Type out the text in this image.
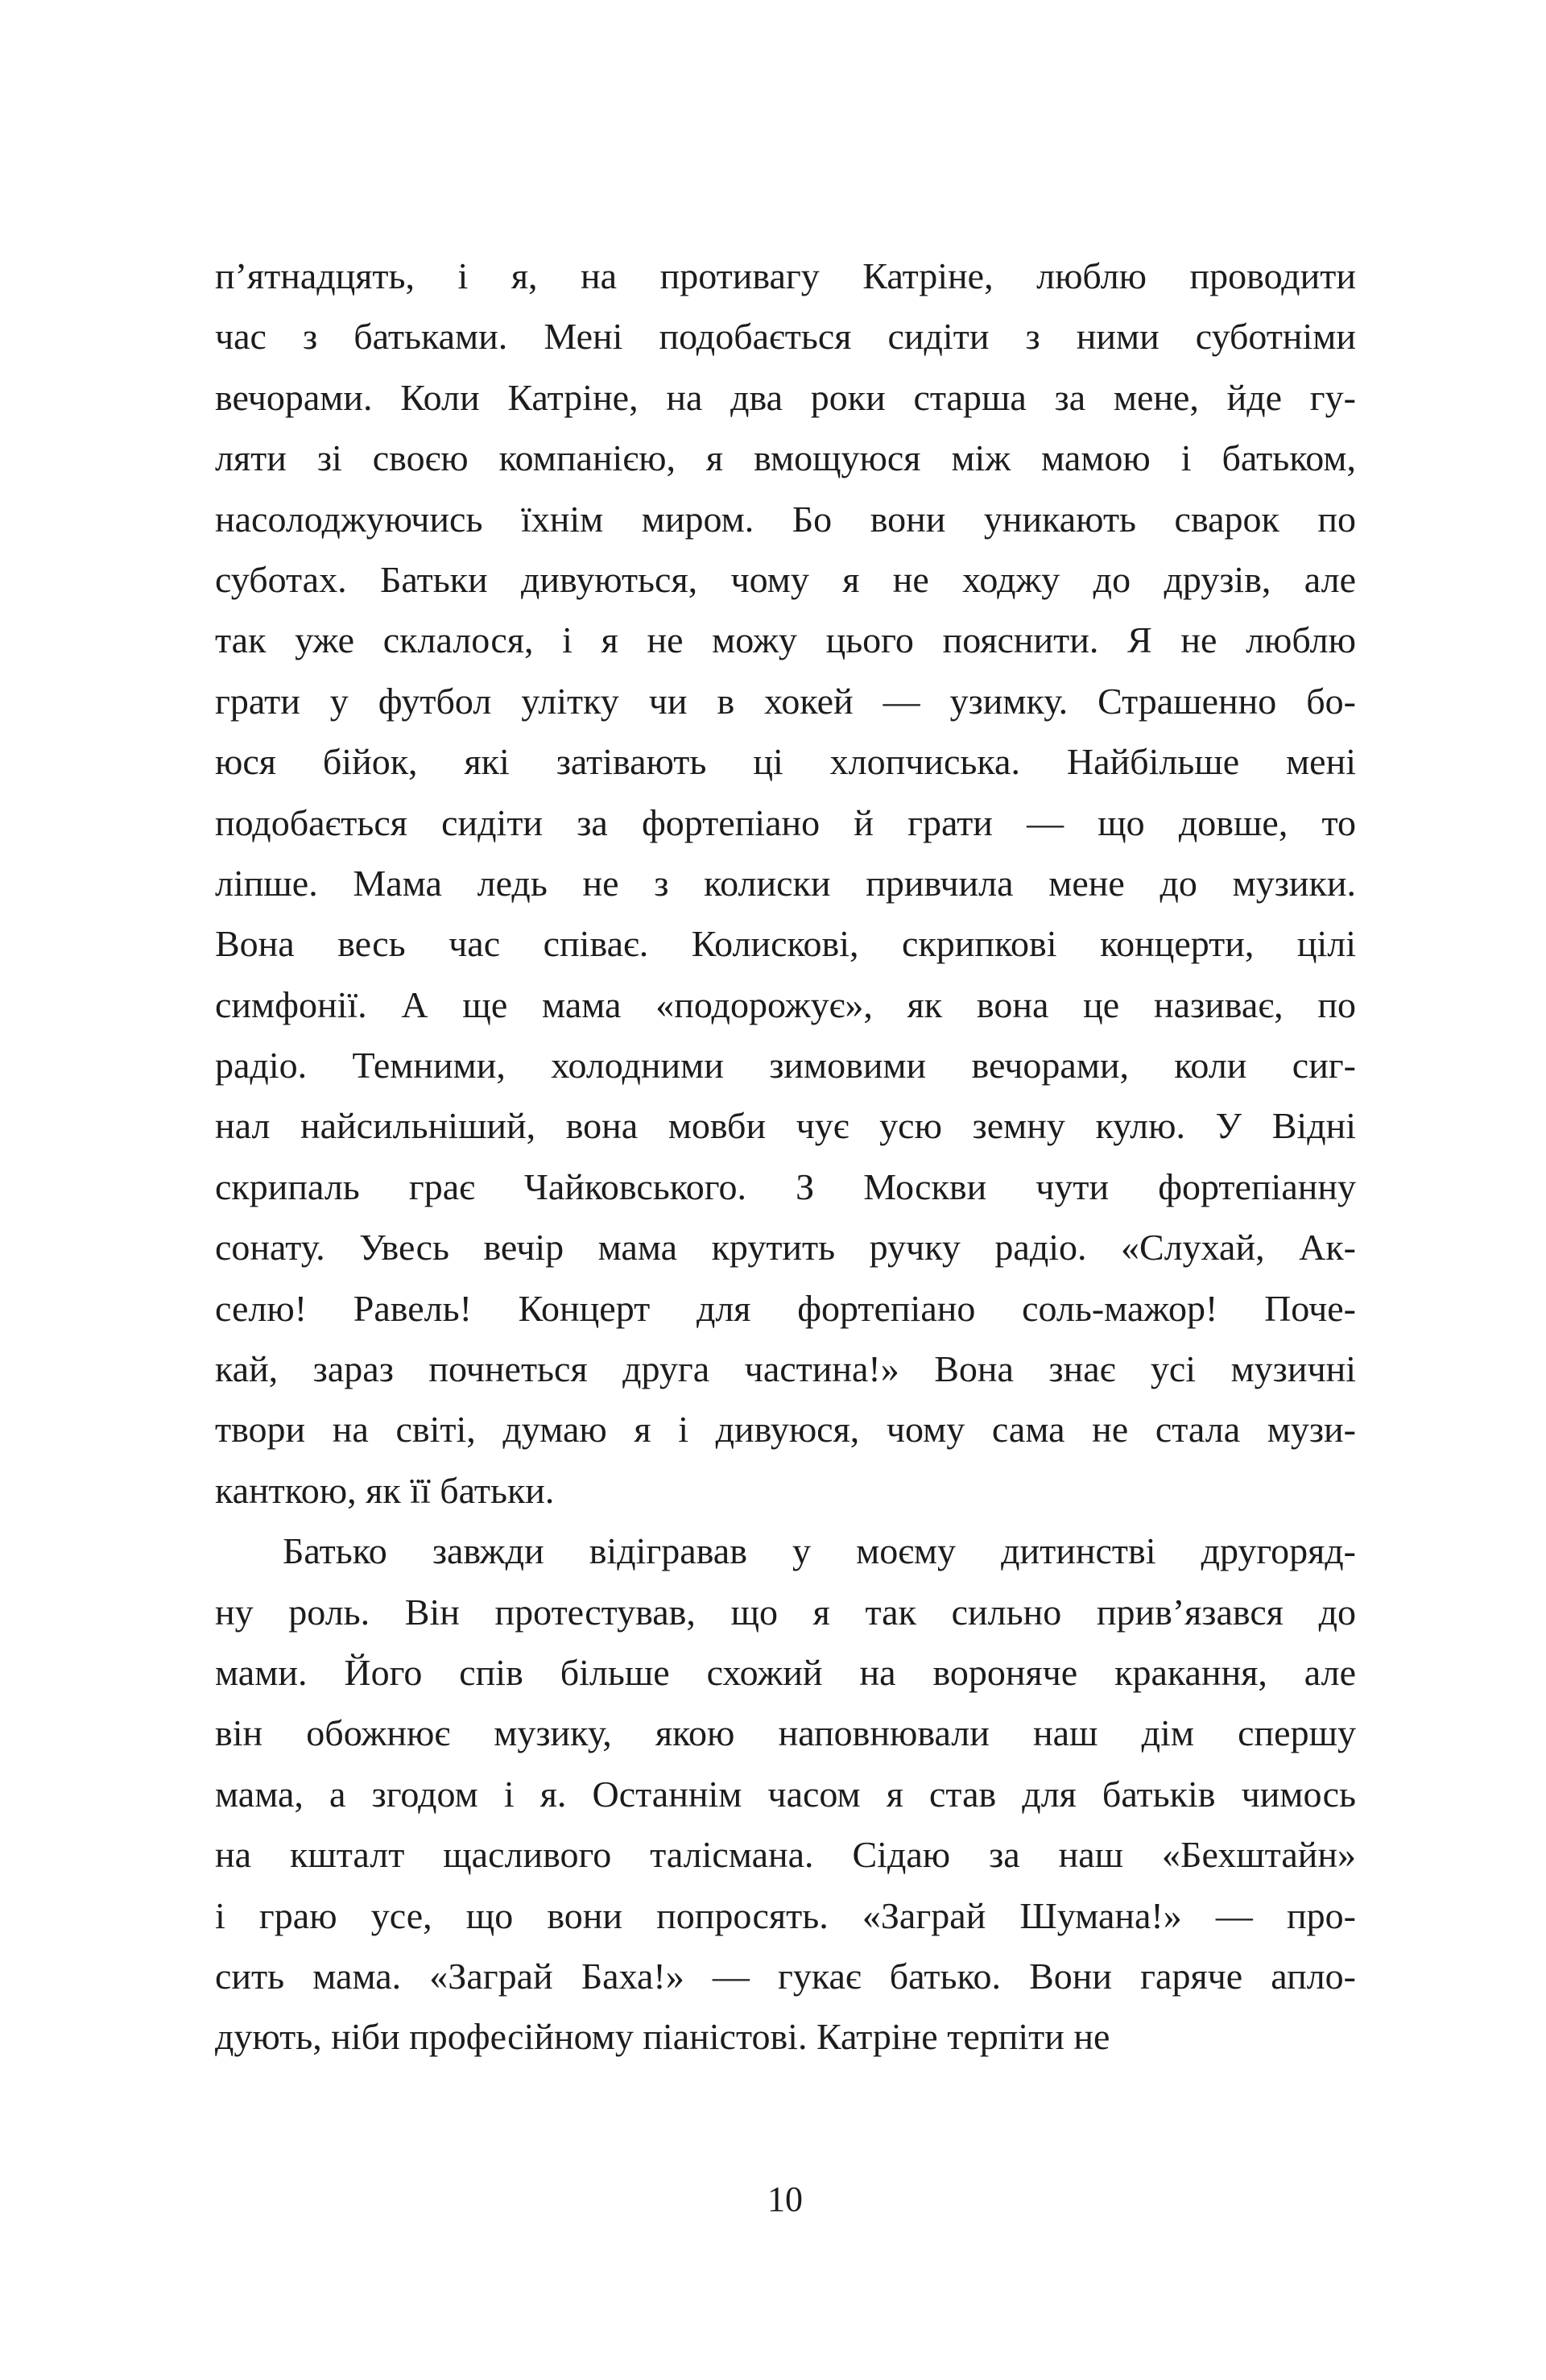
п’ятнадцять, і я, на противагу Катріне, люблю проводити
час з батьками. Мені подобається сидіти з ними суботніми
вечорами. Коли Катріне, на два роки старша за мене, йде гу-
ляти зі своєю компанією, я вмощуюся між мамою і батьком,
насолоджуючись їхнім миром. Бо вони уникають сварок по
суботах. Батьки дивуються, чому я не ходжу до друзів, але
так уже склалося, і я не можу цього пояснити. Я не люблю
грати у футбол улітку чи в хокей — узимку. Страшенно бо-
юся бійок, які затівають ці хлопчиська. Найбільше мені
подобається сидіти за фортепіано й грати — що довше, то
ліпше. Мама ледь не з колиски привчила мене до музики.
Вона весь час співає. Колискові, скрипкові концерти, цілі
симфонії. А ще мама «подорожує», як вона це називає, по
радіо. Темними, холодними зимовими вечорами, коли сиг-
нал найсильніший, вона мовби чує усю земну кулю. У Відні
скрипаль грає Чайковського. З Москви чути фортепіанну
сонату. Увесь вечір мама крутить ручку радіо. «Слухай, Ак-
селю! Равель! Концерт для фортепіано соль-мажор! Поче-
кай, зараз почнеться друга частина!» Вона знає усі музичні
твори на світі, думаю я і дивуюся, чому сама не стала музи-
канткою, як її батьки.
Батько завжди відігравав у моєму дитинстві другоряд-
ну роль. Він протестував, що я так сильно прив’язався до
мами. Його спів більше схожий на вороняче кракання, але
він обожнює музику, якою наповнювали наш дім спершу
мама, а згодом і я. Останнім часом я став для батьків чимось
на кшталт щасливого талісмана. Сідаю за наш «Бехштайн»
і граю усе, що вони попросять. «Заграй Шумана!» — про-
сить мама. «Заграй Баха!» — гукає батько. Вони гаряче апло-
дують, ніби професійному піаністові. Катріне терпіти не
10
